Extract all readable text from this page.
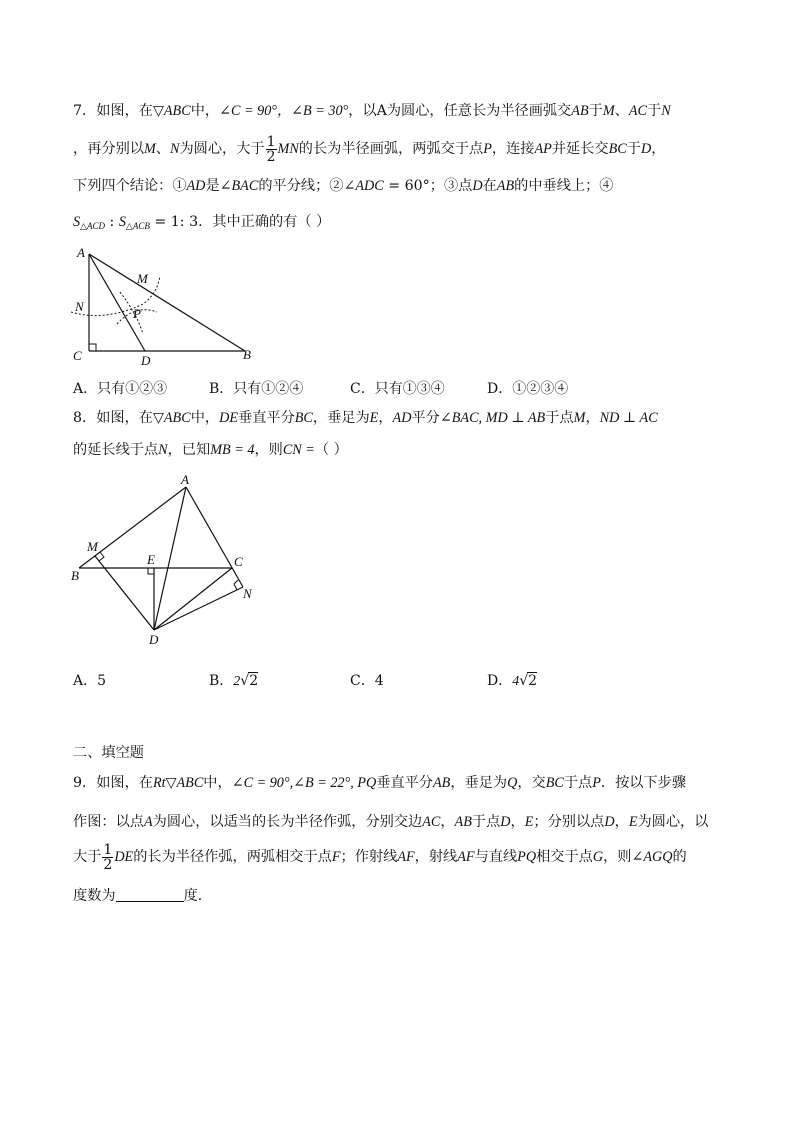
7．如图，在▽ABC中，∠C = 90°，∠B = 30°，以A为圆心，任意长为半径画弧交AB于M、AC于N
，再分别以M、N为圆心，大于 $\frac{1}{2}$ MN的长为半径画弧，两弧交于点P，连接AP并延长交BC于D，
下列四个结论：①AD是∠BAC的平分线；②∠ADC = 60°；③点D在AB的中垂线上；④
$S_{\triangle ACD}$ : $S_{\triangle ACB} = 1$: 3．其中正确的有（ ）
A
M
N	P
C	D	B
A．只有①②③	B．只有①②④	C．只有①③④	D．①②③④
8．如图，在▽ABC中，DE垂直平分BC，垂足为E，AD平分∠BAC, MD ⊥ AB于点M，ND ⊥ AC
的延长线于点N，已知MB = 4，则CN =（ ）
A
M
E	C
B
N
D
A．5	B．2√2	C．4	D．4√2
二、填空题
9．如图，在Rt▽ABC中，∠C = 90°,∠B = 22°, PQ垂直平分AB，垂足为Q，交BC于点P．按以下步骤
作图：以点A为圆心，以适当的长为半径作弧，分别交边AC，AB于点D，E；分别以点D，E为圆心，以
大于 $\frac{1}{2}$ DE的长为半径作弧，两弧相交于点F；作射线AF，射线AF与直线PQ相交于点G，则∠AGQ的
度数为	度．
